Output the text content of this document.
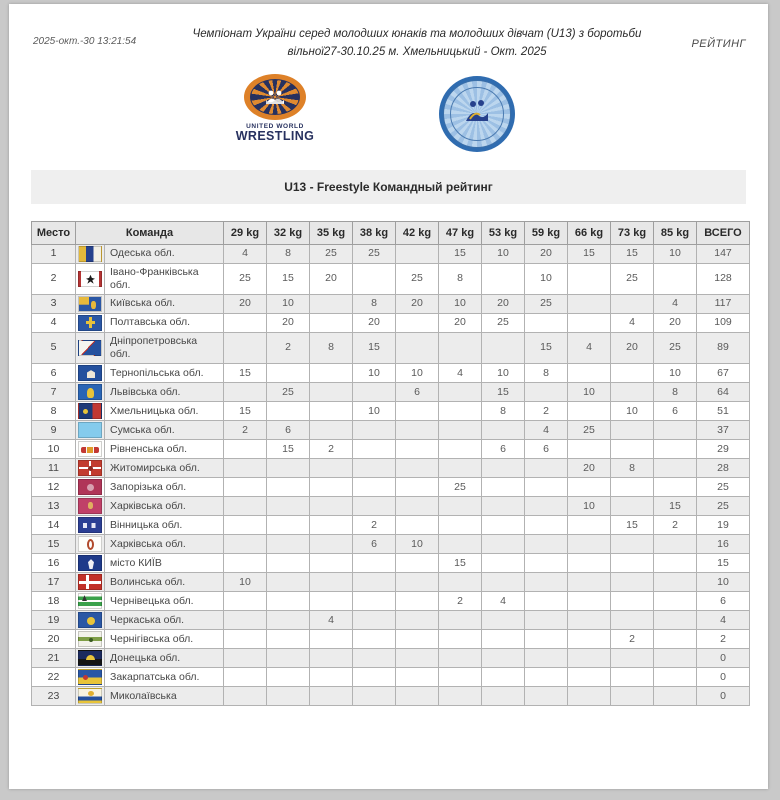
2025-окт.-30 13:21:54
Чемпіонат України серед молодших юнаків та молодших дівчат (U13) з боротьби
вільної27-30.10.25 м. Хмельницький - Окт. 2025
РЕЙТИНГ
UNITED WORLD
WRESTLING
U13 - Freestyle Командный рейтинг
Место	Команда		29 kg	32 kg	35 kg	38 kg	42 kg	47 kg	53 kg	59 kg	66 kg	73 kg	85 kg	ВСЕГО
1		Одеська обл.	4	8	25	25		15	10	20	15	15	10	147
2		Івано-Франківська обл.	25	15	20		25	8		10		25		128
3		Київська обл.	20	10		8	20	10	20	25			4	117
4		Полтавська обл.		20		20		20	25			4	20	109
5		Дніпропетровська обл.		2	8	15				15	4	20	25	89
6		Тернопільська обл.	15			10	10	4	10	8			10	67
7		Львівська обл.		25			6		15		10		8	64
8		Хмельницька обл.	15			10			8	2		10	6	51
9		Сумська обл.	2	6						4	25			37
10		Рівненська обл.		15	2				6	6				29
11		Житомирська обл.									20	8		28
12		Запорізька обл.						25						25
13		Харківська обл.									10		15	25
14		Вінницька обл.				2						15	2	19
15		Харківська обл.				6	10							16
16		місто КИЇВ						15						15
17		Волинська обл.	10											10
18		Чернівецька обл.						2	4					6
19		Черкаська обл.			4									4
20		Чернігівська обл.										2		2
21		Донецька обл.												0
22		Закарпатська обл.												0
23		Миколаївська												0
